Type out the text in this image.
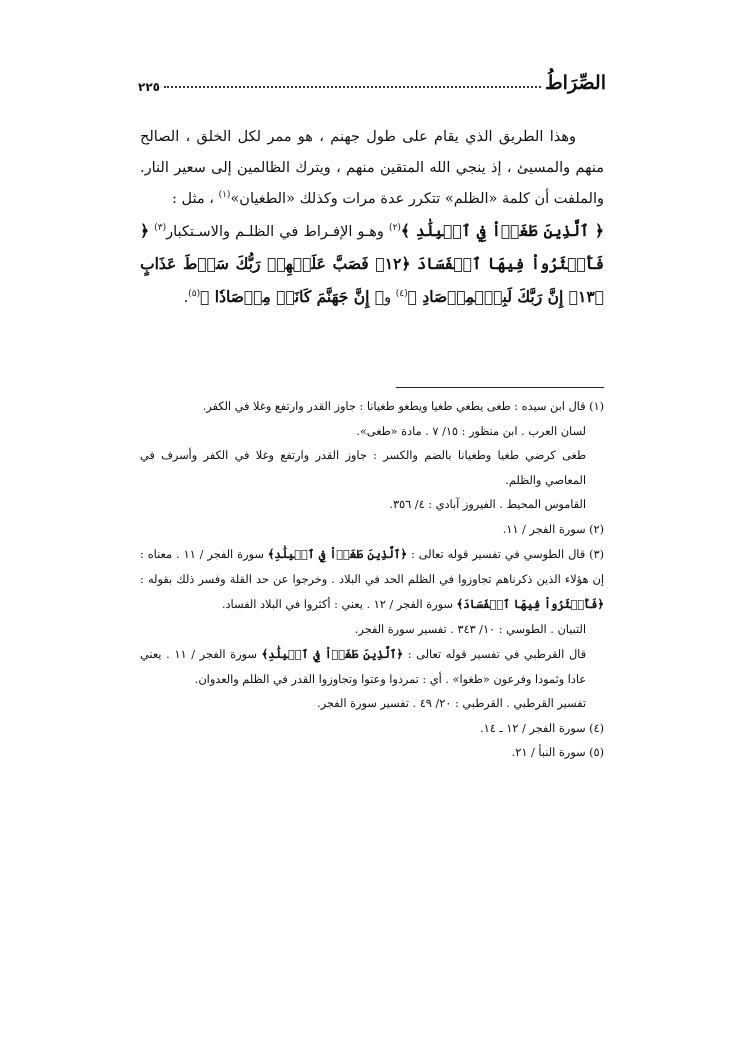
الصِّرَاطُ
٢٢٥

وهذا الطريق الذي يقام على طول جهنم ، هو ممر لكل الخلق ، الصالح منهم والمسيئ ، إذ ينجي الله المتقين منهم ، ويترك الظالمين إلى سعير النار. والملفت أن كلمة «الظلم» تتكرر عدة مرات وكذلك «الطغيان»$^{(١)}$ ، مثل :

﴿ ٱلَّذِينَ طَغَوۡاْ فِي ٱلۡبِلَٰدِ ﴾$^{(٢)}$ وهـو الإفـراط في الظلـم والاسـتكبار$^{(٣)}$ ﴿ فَأَكۡثَرُواْ فِيهَا ٱلۡفَسَادَ ﴿١٢﴾ فَصَبَّ عَلَيۡهِمۡ رَبُّكَ سَوۡطَ عَذَابٍ ﴿١٣﴾ إِنَّ رَبَّكَ لَبِٱلۡمِرۡصَادِ ﴾$^{(٤)}$ و﴿ إِنَّ جَهَنَّمَ كَانَتۡ مِرۡصَادٗا ﴾$^{(٥)}$.

(١) قال ابن سيده : طغى يطغي طغيا ويطغو طغيانا : جاوز القدر وارتفع وغلا في الكفر.

لسان العرب . ابن منظور : ١٥/ ٧ . مادة «طغى».

طغى كرضي طغيا وطغيانا بالضم والكسر : جاوز القدر وارتفع وغلا في الكفر وأسرف في المعاصي والظلم.

القاموس المحيط . الفيروز آبادي : ٤/ ٣٥٦.

(٢) سورة الفجر / ١١.

(٣) قال الطوسي في تفسير قوله تعالى : ﴿ٱلَّذِينَ طَغَوۡاْ فِي ٱلۡبِلَٰدِ﴾ سورة الفجر / ١١ . معناه : إن هؤلاء الذين ذكرناهم تجاوزوا في الظلم الحد في البلاد . وخرجوا عن حد القلة وفسر ذلك بقوله : ﴿فَأَكۡثَرُواْ فِيهَا ٱلۡفَسَادَ﴾ سورة الفجر / ١٢ . يعني : أكثروا في البلاد الفساد.

التبيان . الطوسي : ١٠/ ٣٤٣ . تفسير سورة الفجر.

قال القرطبي في تفسير قوله تعالى : ﴿ٱلَّذِينَ طَغَوۡاْ فِي ٱلۡبِلَٰدِ﴾ سورة الفجر / ١١ . يعني عادا وثمودا وفرعون «طغوا» . أي : تمردوا وعتوا وتجاوزوا القدر في الظلم والعدوان.

تفسير القرطبي . القرطبي : ٢٠/ ٤٩ . تفسير سورة الفجر.

(٤) سورة الفجر / ١٢ ـ ١٤.

(٥) سورة النبأ / ٢١.
